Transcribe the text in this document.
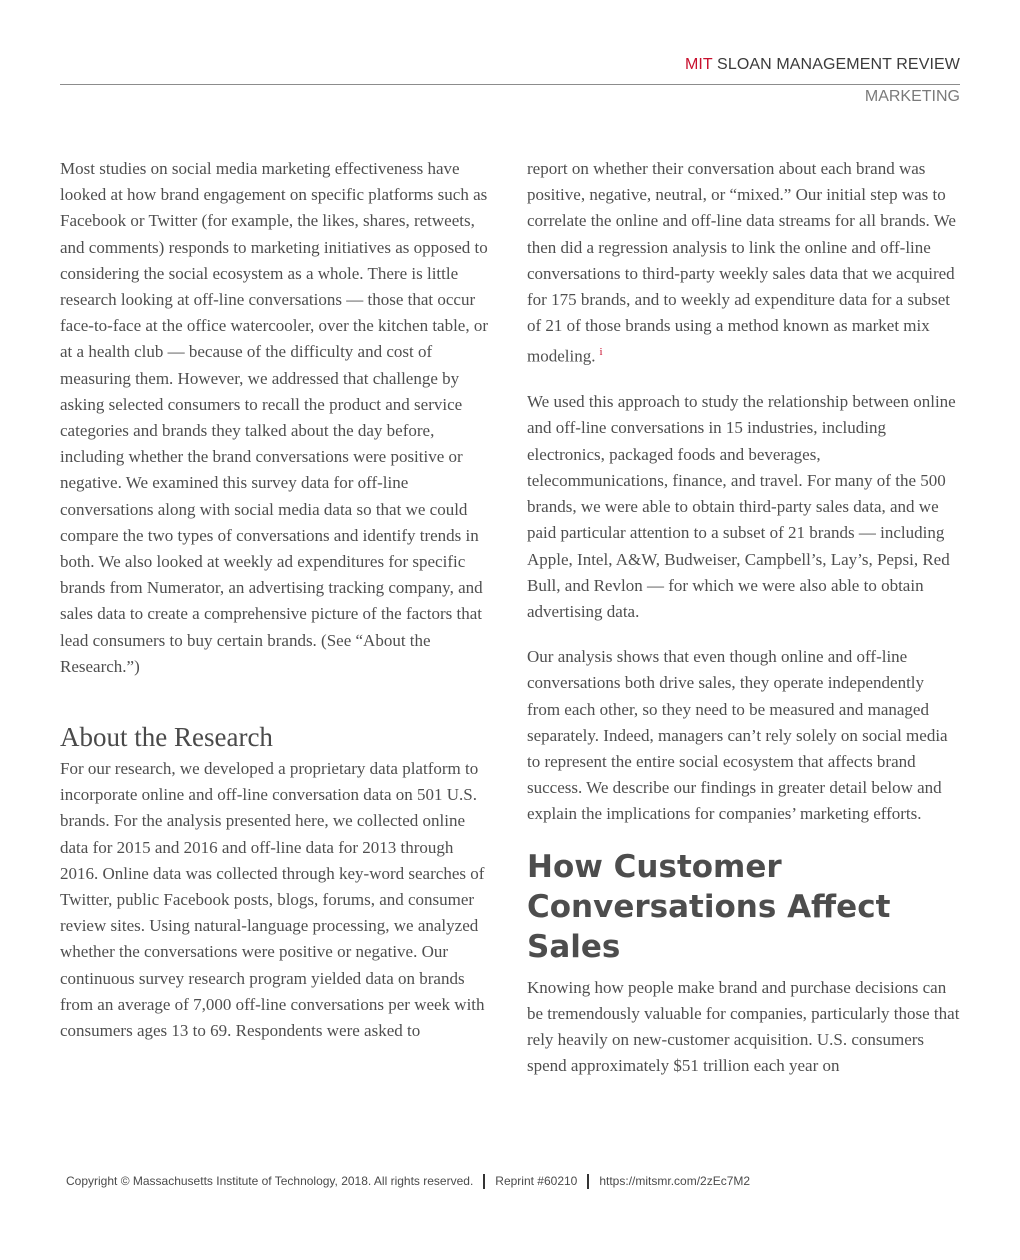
MIT SLOAN MANAGEMENT REVIEW
MARKETING

Most studies on social media marketing effectiveness have looked at how brand engagement on specific platforms such as Facebook or Twitter (for example, the likes, shares, retweets, and comments) responds to marketing initiatives as opposed to considering the social ecosystem as a whole. There is little research looking at off-line conversations — those that occur face-to-face at the office watercooler, over the kitchen table, or at a health club — because of the difficulty and cost of measuring them. However, we addressed that challenge by asking selected consumers to recall the product and service categories and brands they talked about the day before, including whether the brand conversations were positive or negative. We examined this survey data for off-line conversations along with social media data so that we could compare the two types of conversations and identify trends in both. We also looked at weekly ad expenditures for specific brands from Numerator, an advertising tracking company, and sales data to create a comprehensive picture of the factors that lead consumers to buy certain brands. (See “About the Research.”)

About the Research

For our research, we developed a proprietary data platform to incorporate online and off-line conversation data on 501 U.S. brands. For the analysis presented here, we collected online data for 2015 and 2016 and off-line data for 2013 through 2016. Online data was collected through key-word searches of Twitter, public Facebook posts, blogs, forums, and consumer review sites. Using natural-language processing, we analyzed whether the conversations were positive or negative. Our continuous survey research program yielded data on brands from an average of 7,000 off-line conversations per week with consumers ages 13 to 69. Respondents were asked to

report on whether their conversation about each brand was positive, negative, neutral, or “mixed.” Our initial step was to correlate the online and off-line data streams for all brands. We then did a regression analysis to link the online and off-line conversations to third-party weekly sales data that we acquired for 175 brands, and to weekly ad expenditure data for a subset of 21 of those brands using a method known as market mix modeling. $^i$

We used this approach to study the relationship between online and off-line conversations in 15 industries, including electronics, packaged foods and beverages, telecommunications, finance, and travel. For many of the 500 brands, we were able to obtain third-party sales data, and we paid particular attention to a subset of 21 brands — including Apple, Intel, A&W, Budweiser, Campbell’s, Lay’s, Pepsi, Red Bull, and Revlon — for which we were also able to obtain advertising data.

Our analysis shows that even though online and off-line conversations both drive sales, they operate independently from each other, so they need to be measured and managed separately. Indeed, managers can’t rely solely on social media to represent the entire social ecosystem that affects brand success. We describe our findings in greater detail below and explain the implications for companies’ marketing efforts.

How Customer Conversations Affect Sales

Knowing how people make brand and purchase decisions can be tremendously valuable for companies, particularly those that rely heavily on new-customer acquisition. U.S. consumers spend approximately $51 trillion each year on

Copyright © Massachusetts Institute of Technology, 2018. All rights reserved. Reprint #60210 https://mitsmr.com/2zEc7M2
